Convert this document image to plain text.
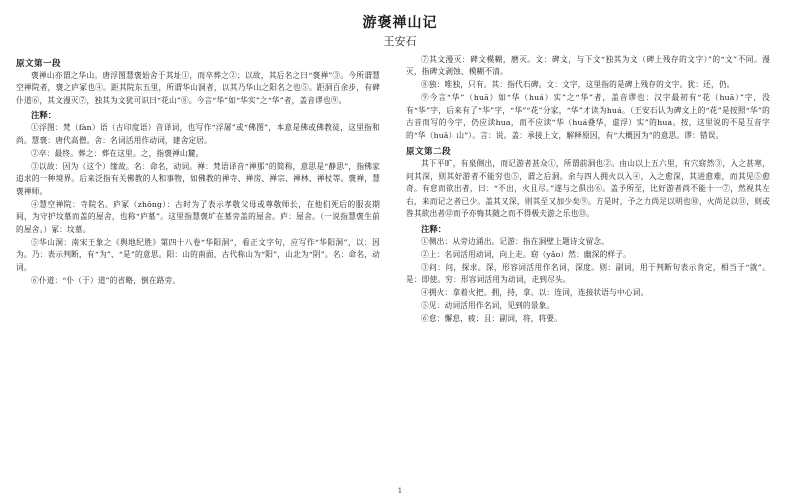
游褒禅山记
王安石
原文第一段

褒禅山亦谓之华山。唐浮图慧褒始舍于其址①，而卒葬之②；以故，其后名之曰“褒禅”③。今所谓慧空禅院者，褒之庐冢也④。距其院东五里，所谓华山洞者，以其乃华山之阳名之也⑤。距洞百余步，有碑仆道⑥，其文漫灭⑦，独其为文犹可识曰“花山”⑧。今言“华”如“华实”之“华”者，盖音谬也⑨。

注释：

①浮图：梵（fàn）语（古印度语）音译词，也写作“浮屠”或“佛图”，本意是佛或佛教徒，这里指和尚。慧褒：唐代高僧。舍：名词活用作动词，建舍定居。

②卒：最终。葬之：葬在这里。之，指褒禅山麓。

③以故：因为（这个）缘故。名：命名，动词。禅：梵语译音“禅那”的简称，意思是“静思”，指佛家追求的一种境界。后来泛指有关佛教的人和事物，如佛教的禅寺、禅房、禅宗、禅林、禅杖等。褒禅，慧褒禅师。

④慧空禅院：寺院名。庐冢（zhǒng）：古时为了表示孝敬父母或尊敬师长，在他们死后的服丧期间，为守护坟墓而盖的屋舍，也称“庐墓”。这里指慧褒圹在墓旁盖的屋舍。庐：屋舍。（一说指慧褒生前的屋舍。）冢：坟墓。

⑤华山洞：南宋王象之《舆地纪胜》第四十八卷“华阳洞”，看正文字句，应写作“华阳洞”，以：因为。乃：表示判断，有“为”、“是”的意思。阳：山的南面，古代称山为“阳”，山北为“阴”。名：命名，动词。

⑥仆道：“仆（于）道”的省略，倒在路旁。

⑦其文漫灭：碑文模糊，磨灭。文：碑文，与下文“独其为文（碑上残存的文字）”的“文”不同。漫灭，指碑文剥蚀、模糊不清。

⑧独：唯独，只有。其：指代石碑。文：文字，这里指的是碑上残存的文字。犹：还，仍。

⑨今言“华”（huā）如“华（huá）实”之“华”者，盖音谬也：汉字最初有“花（huā）”字，没有“华”字，后来有了“华”字，“华”“花”分家，“华”才读为huá。（王安石认为碑文上的“花”是按照“华”的古音而写的今字，仍应读hua，而不应读“华（huá叠华，虚浮）实”的hua。按，这里说的不是互音字的“华（huā）山”）。言：说。盖：承接上文，解释原因，有“大概因为”的意思。谬：错误。

原文第二段

其下平旷，有泉侧出，而记游者甚众①，所谓前洞也②。由山以上五六里，有穴窈然③，入之甚寒，问其深，则其好游者不能穷也⑤，谓之后洞。余与四人拥火以入④，入之愈深，其进愈难，而其见⑤愈奇。有怠而欲出者，曰：“不出，火且尽。”遂与之俱出⑥。盖予所至，比好游者尚不能十一⑦，然视其左右，来而记之者已少。盖其又深，则其至又加少矣⑨。方是时，予之力尚足以明也⑩，火尚足以⑪，则或咎其欲出者⑫而予亦悔其随之而不得极夫游之乐也⑬。

注释：

①侧出：从旁边涌出。记游：指在洞壁上题诗文留念。

②上：名词活用动词，向上走。窈（yǎo）然：幽深的样子。

③问：问，探求。深，形容词活用作名词，深度。则：副词，用于判断句表示肯定，相当于“就”。是：即使。穷：形容词活用为动词，走到尽头。

④拥火：拿着火把。拥，持，拿。以：连词，连接状语与中心词。

⑤见：动词活用作名词，见到的景象。

⑥怠：懈怠，疲；且：副词，将，将要。

1
